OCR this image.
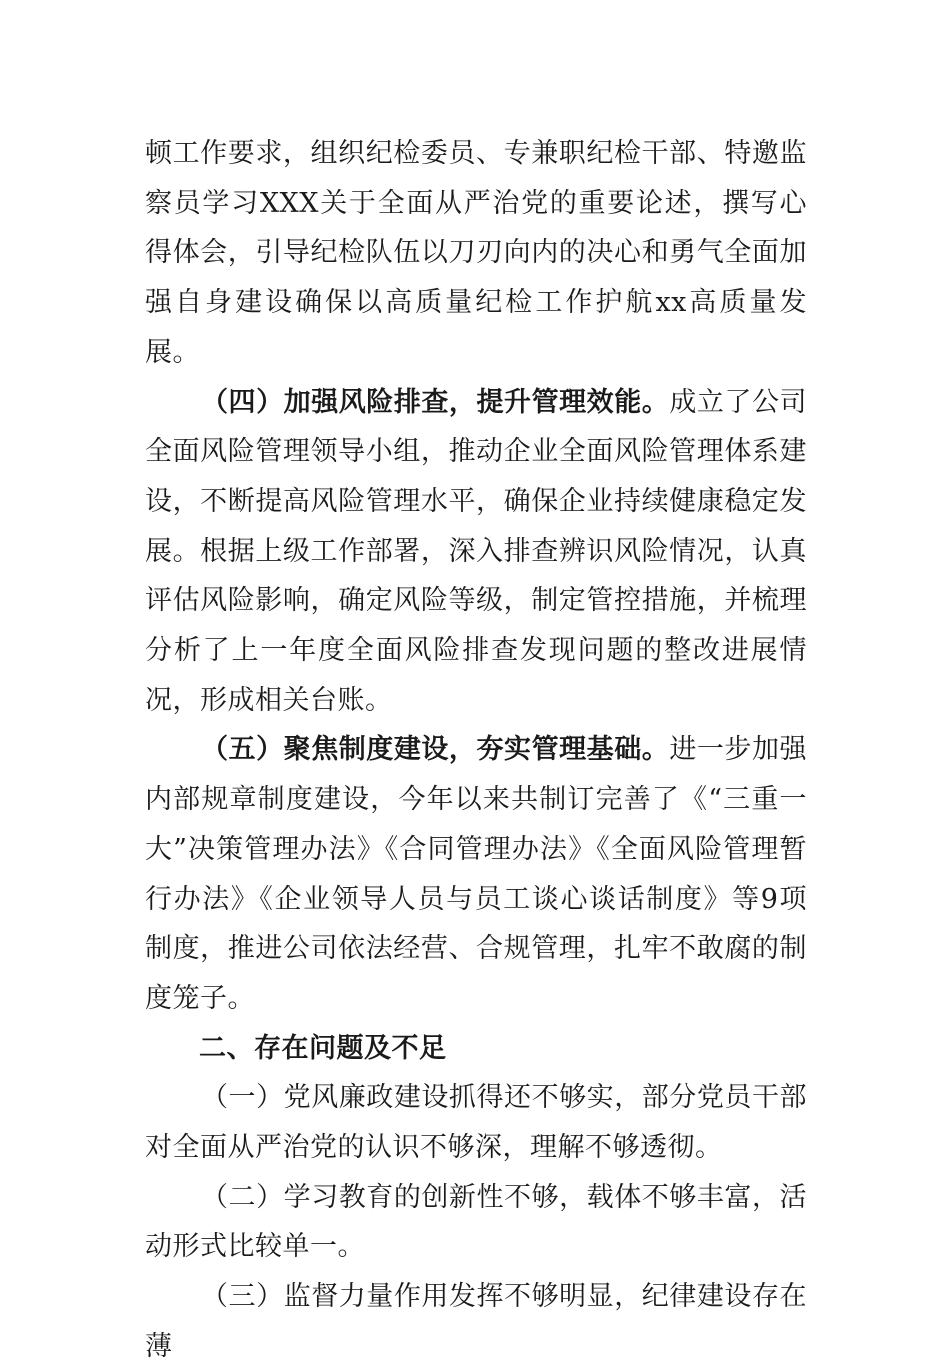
顿工作要求，组织纪检委员、专兼职纪检干部、特邀监察员学习XXX关于全面从严治党的重要论述，撰写心得体会，引导纪检队伍以刀刃向内的决心和勇气全面加强自身建设确保以高质量纪检工作护航xx高质量发展。

（四）加强风险排查，提升管理效能。成立了公司全面风险管理领导小组，推动企业全面风险管理体系建设，不断提高风险管理水平，确保企业持续健康稳定发展。根据上级工作部署，深入排查辨识风险情况，认真评估风险影响，确定风险等级，制定管控措施，并梳理分析了上一年度全面风险排查发现问题的整改进展情况，形成相关台账。

（五）聚焦制度建设，夯实管理基础。进一步加强内部规章制度建设，今年以来共制订完善了《“三重一大”决策管理办法》《合同管理办法》《全面风险管理暂行办法》《企业领导人员与员工谈心谈话制度》等9项制度，推进公司依法经营、合规管理，扎牢不敢腐的制度笼子。

二、存在问题及不足

（一）党风廉政建设抓得还不够实，部分党员干部对全面从严治党的认识不够深，理解不够透彻。

（二）学习教育的创新性不够，载体不够丰富，活动形式比较单一。

（三）监督力量作用发挥不够明显，纪律建设存在薄
